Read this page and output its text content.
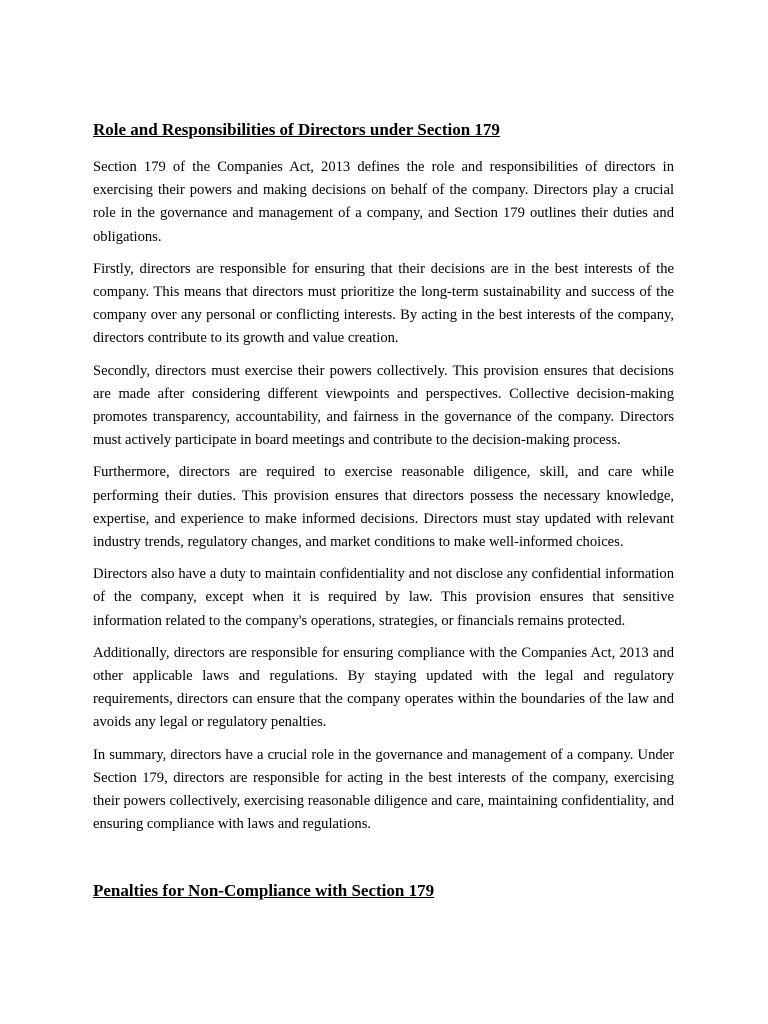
Role and Responsibilities of Directors under Section 179

Section 179 of the Companies Act, 2013 defines the role and responsibilities of directors in exercising their powers and making decisions on behalf of the company. Directors play a crucial role in the governance and management of a company, and Section 179 outlines their duties and obligations.

Firstly, directors are responsible for ensuring that their decisions are in the best interests of the company. This means that directors must prioritize the long-term sustainability and success of the company over any personal or conflicting interests. By acting in the best interests of the company, directors contribute to its growth and value creation.

Secondly, directors must exercise their powers collectively. This provision ensures that decisions are made after considering different viewpoints and perspectives. Collective decision-making promotes transparency, accountability, and fairness in the governance of the company. Directors must actively participate in board meetings and contribute to the decision-making process.

Furthermore, directors are required to exercise reasonable diligence, skill, and care while performing their duties. This provision ensures that directors possess the necessary knowledge, expertise, and experience to make informed decisions. Directors must stay updated with relevant industry trends, regulatory changes, and market conditions to make well-informed choices.

Directors also have a duty to maintain confidentiality and not disclose any confidential information of the company, except when it is required by law. This provision ensures that sensitive information related to the company's operations, strategies, or financials remains protected.

Additionally, directors are responsible for ensuring compliance with the Companies Act, 2013 and other applicable laws and regulations. By staying updated with the legal and regulatory requirements, directors can ensure that the company operates within the boundaries of the law and avoids any legal or regulatory penalties.

In summary, directors have a crucial role in the governance and management of a company. Under Section 179, directors are responsible for acting in the best interests of the company, exercising their powers collectively, exercising reasonable diligence and care, maintaining confidentiality, and ensuring compliance with laws and regulations.

Penalties for Non-Compliance with Section 179
